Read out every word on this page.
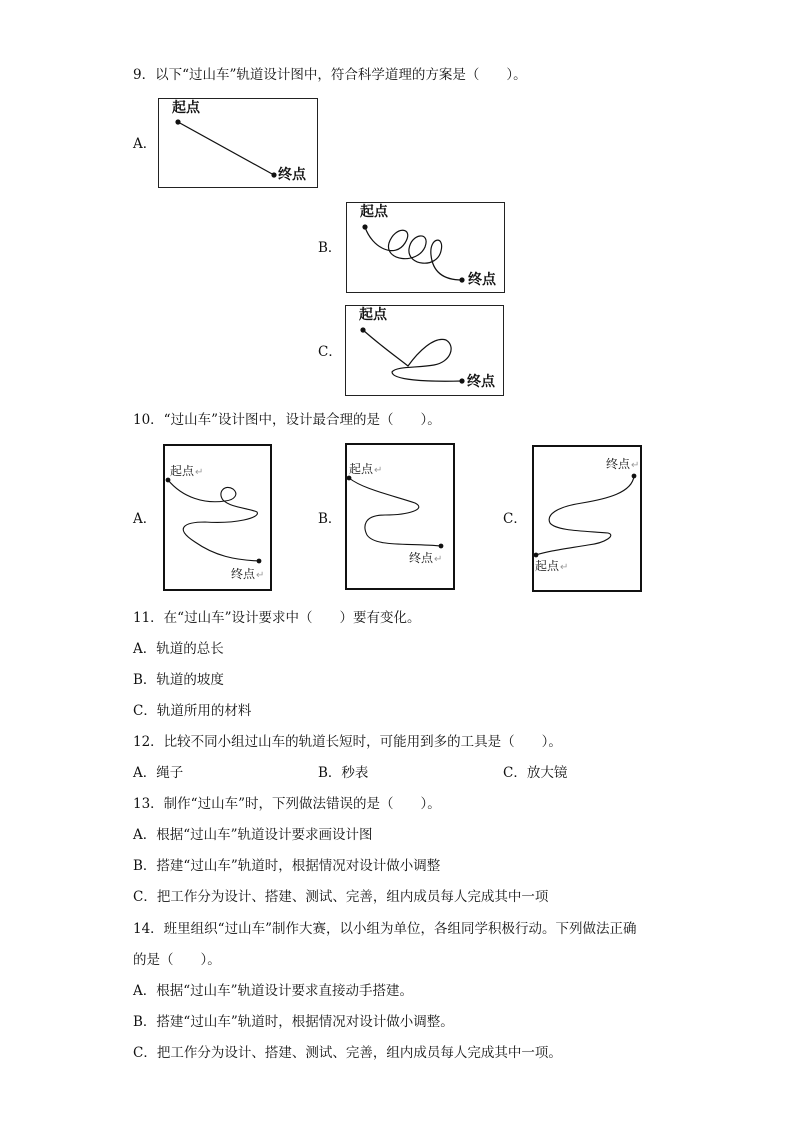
9．以下“过山车”轨道设计图中，符合科学道理的方案是（　　）。
A．
起点
终点
B．
起点
终点
C．
起点
终点
10．“过山车”设计图中，设计最合理的是（　　）。
A．
起点↵
终点↵
B．
起点↵
终点↵
C．
终点↵
起点↵
11．在“过山车”设计要求中（　　）要有变化。
A．轨道的总长
B．轨道的坡度
C．轨道所用的材料
12．比较不同小组过山车的轨道长短时，可能用到多的工具是（　　）。
A．绳子	B．秒表	C．放大镜
13．制作“过山车”时，下列做法错误的是（　　）。
A．根据“过山车”轨道设计要求画设计图
B．搭建“过山车”轨道时，根据情况对设计做小调整
C．把工作分为设计、搭建、测试、完善，组内成员每人完成其中一项
14．班里组织“过山车”制作大赛，以小组为单位，各组同学积极行动。下列做法正确
的是（　　）。
A．根据“过山车”轨道设计要求直接动手搭建。
B．搭建“过山车”轨道时，根据情况对设计做小调整。
C．把工作分为设计、搭建、测试、完善，组内成员每人完成其中一项。
